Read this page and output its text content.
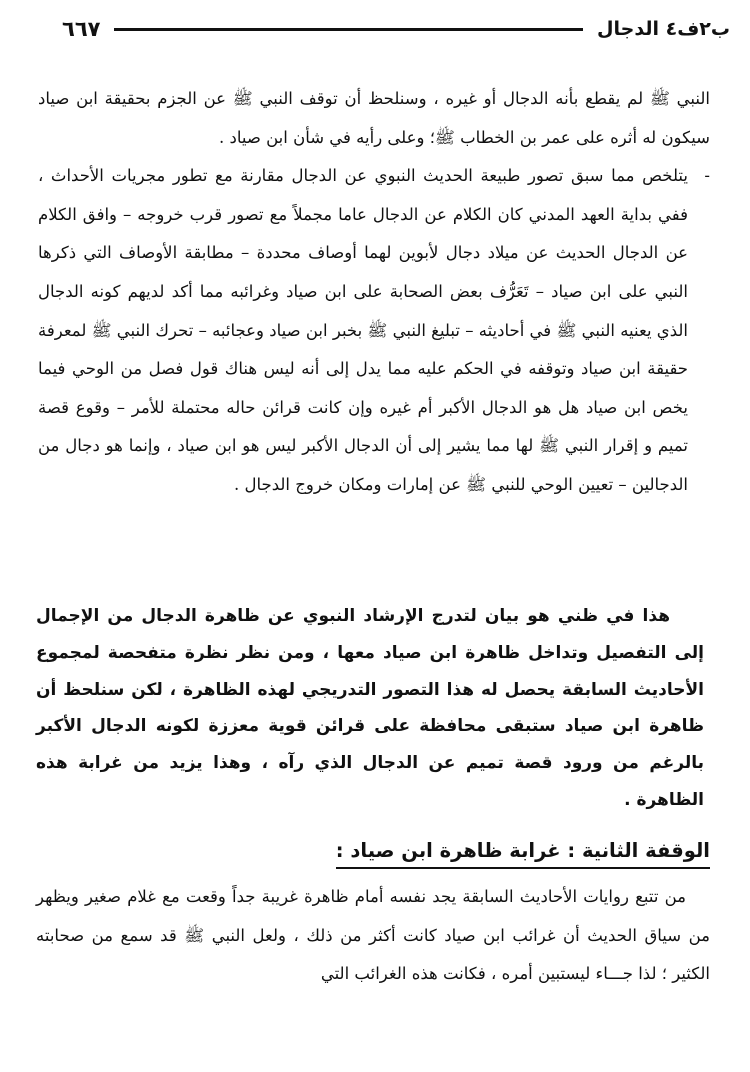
ب٢ف٤ الدجال
٦٦٧

النبي ﷺ لم يقطع بأنه الدجال أو غيره ، وسنلحظ أن توقف النبي ﷺ عن الجزم بحقيقة ابن صياد سيكون له أثره على عمر بن الخطاب ﷺ؛ وعلى رأيه في شأن ابن صياد .

-
يتلخص مما سبق تصور طبيعة الحديث النبوي عن الدجال مقارنة مع تطور مجريات الأحداث ، ففي بداية العهد المدني كان الكلام عن الدجال عاما مجملاً مع تصور قرب خروجه – وافق الكلام عن الدجال الحديث عن ميلاد دجال لأبوين لهما أوصاف محددة – مطابقة الأوصاف التي ذكرها النبي على ابن صياد – تَعَرُّف بعض الصحابة على ابن صياد وغرائبه مما أكد لديهم كونه الدجال الذي يعنيه النبي ﷺ في أحاديثه – تبليغ النبي ﷺ بخبر ابن صياد وعجائبه – تحرك النبي ﷺ لمعرفة حقيقة ابن صياد وتوقفه في الحكم عليه مما يدل إلى أنه ليس هناك قول فصل من الوحي فيما يخص ابن صياد هل هو الدجال الأكبر أم غيره وإن كانت قرائن حاله محتملة للأمر – وقوع قصة تميم و إقرار النبي ﷺ لها مما يشير إلى أن الدجال الأكبر ليس هو ابن صياد ، وإنما هو دجال من الدجالين – تعيين الوحي للنبي ﷺ عن إمارات ومكان خروج الدجال .

هذا في ظني هو بيان لتدرج الإرشاد النبوي عن ظاهرة الدجال من الإجمال إلى التفصيل وتداخل ظاهرة ابن صياد معها ، ومن نظر نظرة متفحصة لمجموع الأحاديث السابقة يحصل له هذا التصور التدريجي لهذه الظاهرة ، لكن سنلحظ أن ظاهرة ابن صياد ستبقى محافظة على قرائن قوية معززة لكونه الدجال الأكبر بالرغم من ورود قصة تميم عن الدجال الذي رآه ، وهذا يزيد من غرابة هذه الظاهرة .

الوقفة الثانية : غرابة ظاهرة ابن صياد :

من تتبع روايات الأحاديث السابقة يجد نفسه أمام ظاهرة غريبة جداً وقعت مع غلام صغير ويظهر من سياق الحديث أن غرائب ابن صياد كانت أكثر من ذلك ، ولعل النبي ﷺ قد سمع من صحابته الكثير ؛ لذا جـــاء ليستبين أمره ، فكانت هذه الغرائب التي
